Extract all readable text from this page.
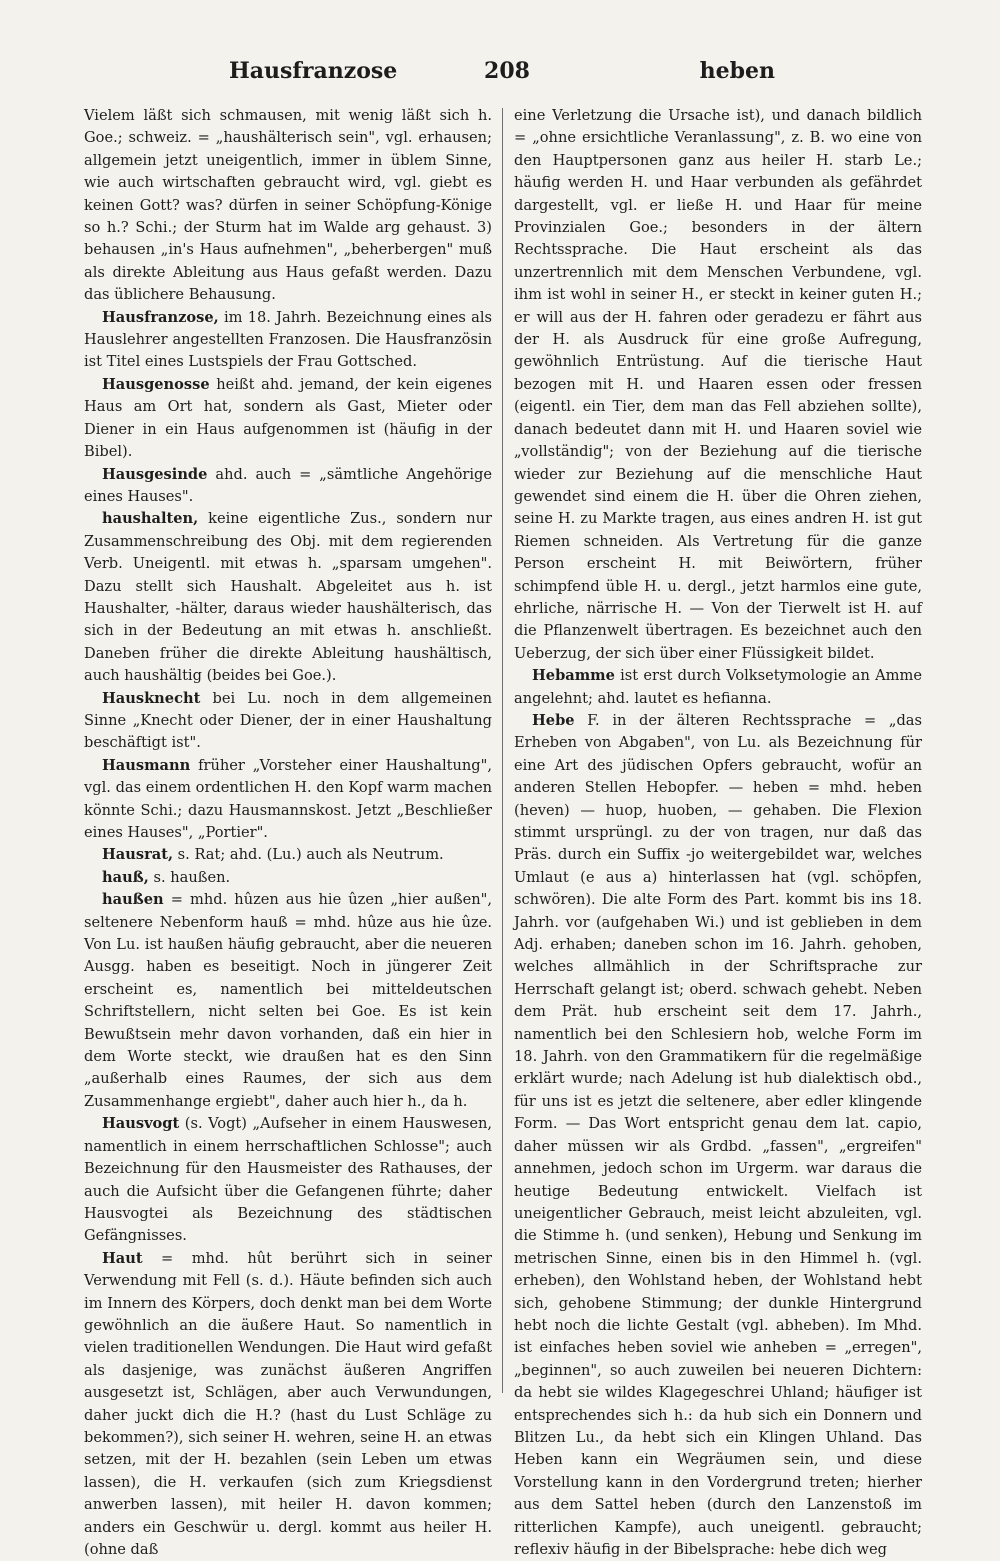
Hausfranzose	208	heben

Vielem läßt sich schmausen, mit wenig läßt sich h. Goe.; schweiz. = „haushälterisch sein", vgl. erhausen; allgemein jetzt uneigentlich, immer in üblem Sinne, wie auch wirtschaften gebraucht wird, vgl. giebt es keinen Gott? was? dürfen in seiner Schöpfung-Könige so h.? Schi.; der Sturm hat im Walde arg gehaust. 3) behausen „in's Haus aufnehmen", „beherbergen" muß als direkte Ableitung aus Haus gefaßt werden. Dazu das üblichere Behausung.

Hausfranzose, im 18. Jahrh. Bezeichnung eines als Hauslehrer angestellten Franzosen. Die Hausfranzösin ist Titel eines Lustspiels der Frau Gottsched.

Hausgenosse heißt ahd. jemand, der kein eigenes Haus am Ort hat, sondern als Gast, Mieter oder Diener in ein Haus aufgenommen ist (häufig in der Bibel).

Hausgesinde ahd. auch = „sämtliche Angehörige eines Hauses".

haushalten, keine eigentliche Zus., sondern nur Zusammenschreibung des Obj. mit dem regierenden Verb. Uneigentl. mit etwas h. „sparsam umgehen". Dazu stellt sich Haushalt. Abgeleitet aus h. ist Haushalter, -hälter, daraus wieder haushälterisch, das sich in der Bedeutung an mit etwas h. anschließt. Daneben früher die direkte Ableitung haushältisch, auch haushältig (beides bei Goe.).

Hausknecht bei Lu. noch in dem allgemeinen Sinne „Knecht oder Diener, der in einer Haushaltung beschäftigt ist".

Hausmann früher „Vorsteher einer Haushaltung", vgl. das einem ordentlichen H. den Kopf warm machen könnte Schi.; dazu Hausmannskost. Jetzt „Beschließer eines Hauses", „Portier".

Hausrat, s. Rat; ahd. (Lu.) auch als Neutrum.

hauß, s. haußen.

haußen = mhd. hûzen aus hie ûzen „hier außen", seltenere Nebenform hauß = mhd. hûze aus hie ûze. Von Lu. ist haußen häufig gebraucht, aber die neueren Ausgg. haben es beseitigt. Noch in jüngerer Zeit erscheint es, namentlich bei mitteldeutschen Schriftstellern, nicht selten bei Goe. Es ist kein Bewußtsein mehr davon vorhanden, daß ein hier in dem Worte steckt, wie draußen hat es den Sinn „außerhalb eines Raumes, der sich aus dem Zusammenhange ergiebt", daher auch hier h., da h.

Hausvogt (s. Vogt) „Aufseher in einem Hauswesen, namentlich in einem herrschaftlichen Schlosse"; auch Bezeichnung für den Hausmeister des Rathauses, der auch die Aufsicht über die Gefangenen führte; daher Hausvogtei als Bezeichnung des städtischen Gefängnisses.

Haut = mhd. hût berührt sich in seiner Verwendung mit Fell (s. d.). Häute befinden sich auch im Innern des Körpers, doch denkt man bei dem Worte gewöhnlich an die äußere Haut. So namentlich in vielen traditionellen Wendungen. Die Haut wird gefaßt als dasjenige, was zunächst äußeren Angriffen ausgesetzt ist, Schlägen, aber auch Verwundungen, daher juckt dich die H.? (hast du Lust Schläge zu bekommen?), sich seiner H. wehren, seine H. an etwas setzen, mit der H. bezahlen (sein Leben um etwas lassen), die H. verkaufen (sich zum Kriegsdienst anwerben lassen), mit heiler H. davon kommen; anders ein Geschwür u. dergl. kommt aus heiler H. (ohne daß

eine Verletzung die Ursache ist), und danach bildlich = „ohne ersichtliche Veranlassung", z. B. wo eine von den Hauptpersonen ganz aus heiler H. starb Le.; häufig werden H. und Haar verbunden als gefährdet dargestellt, vgl. er ließe H. und Haar für meine Provinzialen Goe.; besonders in der ältern Rechtssprache. Die Haut erscheint als das unzertrennlich mit dem Menschen Verbundene, vgl. ihm ist wohl in seiner H., er steckt in keiner guten H.; er will aus der H. fahren oder geradezu er fährt aus der H. als Ausdruck für eine große Aufregung, gewöhnlich Entrüstung. Auf die tierische Haut bezogen mit H. und Haaren essen oder fressen (eigentl. ein Tier, dem man das Fell abziehen sollte), danach bedeutet dann mit H. und Haaren soviel wie „vollständig"; von der Beziehung auf die tierische wieder zur Beziehung auf die menschliche Haut gewendet sind einem die H. über die Ohren ziehen, seine H. zu Markte tragen, aus eines andren H. ist gut Riemen schneiden. Als Vertretung für die ganze Person erscheint H. mit Beiwörtern, früher schimpfend üble H. u. dergl., jetzt harmlos eine gute, ehrliche, närrische H. — Von der Tierwelt ist H. auf die Pflanzenwelt übertragen. Es bezeichnet auch den Ueberzug, der sich über einer Flüssigkeit bildet.

Hebamme ist erst durch Volksetymologie an Amme angelehnt; ahd. lautet es hefianna.

Hebe F. in der älteren Rechtssprache = „das Erheben von Abgaben", von Lu. als Bezeichnung für eine Art des jüdischen Opfers gebraucht, wofür an anderen Stellen Hebopfer. — heben = mhd. heben (heven) — huop, huoben, — gehaben. Die Flexion stimmt ursprüngl. zu der von tragen, nur daß das Präs. durch ein Suffix -jo weitergebildet war, welches Umlaut (e aus a) hinterlassen hat (vgl. schöpfen, schwören). Die alte Form des Part. kommt bis ins 18. Jahrh. vor (aufgehaben Wi.) und ist geblieben in dem Adj. erhaben; daneben schon im 16. Jahrh. gehoben, welches allmählich in der Schriftsprache zur Herrschaft gelangt ist; oberd. schwach gehebt. Neben dem Prät. hub erscheint seit dem 17. Jahrh., namentlich bei den Schlesiern hob, welche Form im 18. Jahrh. von den Grammatikern für die regelmäßige erklärt wurde; nach Adelung ist hub dialektisch obd., für uns ist es jetzt die seltenere, aber edler klingende Form. — Das Wort entspricht genau dem lat. capio, daher müssen wir als Grdbd. „fassen", „ergreifen" annehmen, jedoch schon im Urgerm. war daraus die heutige Bedeutung entwickelt. Vielfach ist uneigentlicher Gebrauch, meist leicht abzuleiten, vgl. die Stimme h. (und senken), Hebung und Senkung im metrischen Sinne, einen bis in den Himmel h. (vgl. erheben), den Wohlstand heben, der Wohlstand hebt sich, gehobene Stimmung; der dunkle Hintergrund hebt noch die lichte Gestalt (vgl. abheben). Im Mhd. ist einfaches heben soviel wie anheben = „erregen", „beginnen", so auch zuweilen bei neueren Dichtern: da hebt sie wildes Klagegeschrei Uhland; häufiger ist entsprechendes sich h.: da hub sich ein Donnern und Blitzen Lu., da hebt sich ein Klingen Uhland. Das Heben kann ein Wegräumen sein, und diese Vorstellung kann in den Vordergrund treten; hierher aus dem Sattel heben (durch den Lanzenstoß im ritterlichen Kampfe), auch uneigentl. gebraucht; reflexiv häufig in der Bibelsprache: hebe dich weg
